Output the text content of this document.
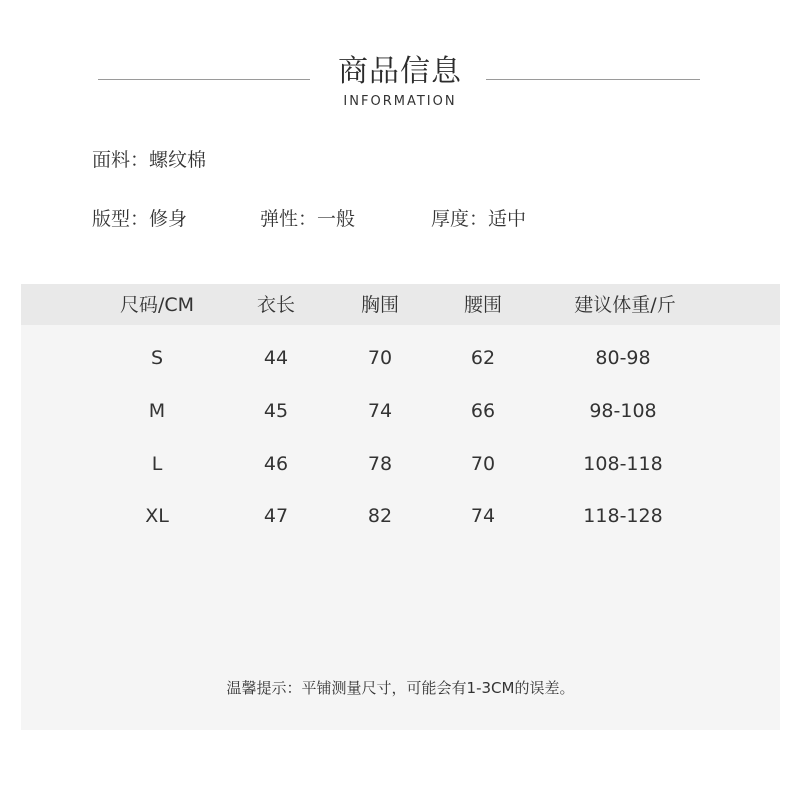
商品信息
INFORMATION
面料：螺纹棉
版型：修身	弹性：一般	厚度：适中
尺码/CM	衣长	胸围	腰围	建议体重/斤
S	44	70	62	80-98
M	45	74	66	98-108
L	46	78	70	108-118
XL	47	82	74	118-128
温馨提示：平铺测量尺寸，可能会有1-3CM的误差。
